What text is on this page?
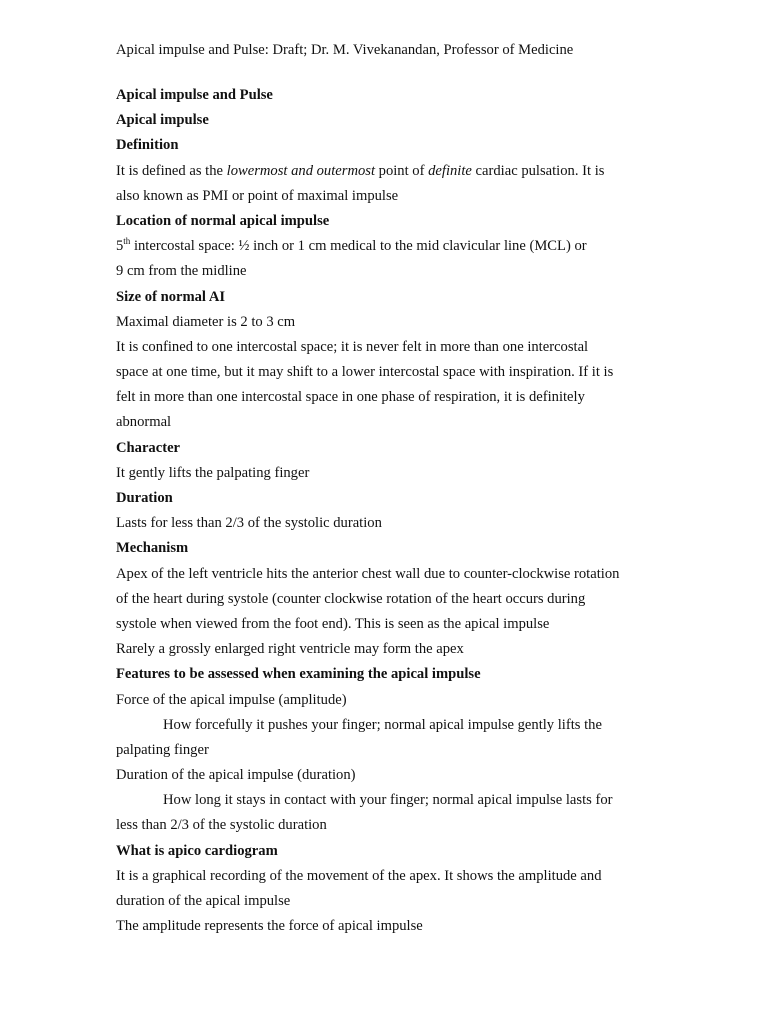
Apical impulse and Pulse: Draft; Dr. M. Vivekanandan, Professor of Medicine
Apical impulse and Pulse
Apical impulse
Definition
It is defined as the lowermost and outermost point of definite cardiac pulsation. It is
also known as PMI or point of maximal impulse
Location of normal apical impulse
5th intercostal space: ½ inch or 1 cm medical to the mid clavicular line (MCL) or
9 cm from the midline
Size of normal AI
Maximal diameter is 2 to 3 cm
It is confined to one intercostal space; it is never felt in more than one intercostal
space at one time, but it may shift to a lower intercostal space with inspiration. If it is
felt in more than one intercostal space in one phase of respiration, it is definitely
abnormal
Character
It gently lifts the palpating finger
Duration
Lasts for less than 2/3 of the systolic duration
Mechanism
Apex of the left ventricle hits the anterior chest wall due to counter-clockwise rotation
of the heart during systole (counter clockwise rotation of the heart occurs during
systole when viewed from the foot end). This is seen as the apical impulse
Rarely a grossly enlarged right ventricle may form the apex
Features to be assessed when examining the apical impulse
Force of the apical impulse (amplitude)
How forcefully it pushes your finger; normal apical impulse gently lifts the
palpating finger
Duration of the apical impulse (duration)
How long it stays in contact with your finger; normal apical impulse lasts for
less than 2/3 of the systolic duration
What is apico cardiogram
It is a graphical recording of the movement of the apex. It shows the amplitude and
duration of the apical impulse
The amplitude represents the force of apical impulse
